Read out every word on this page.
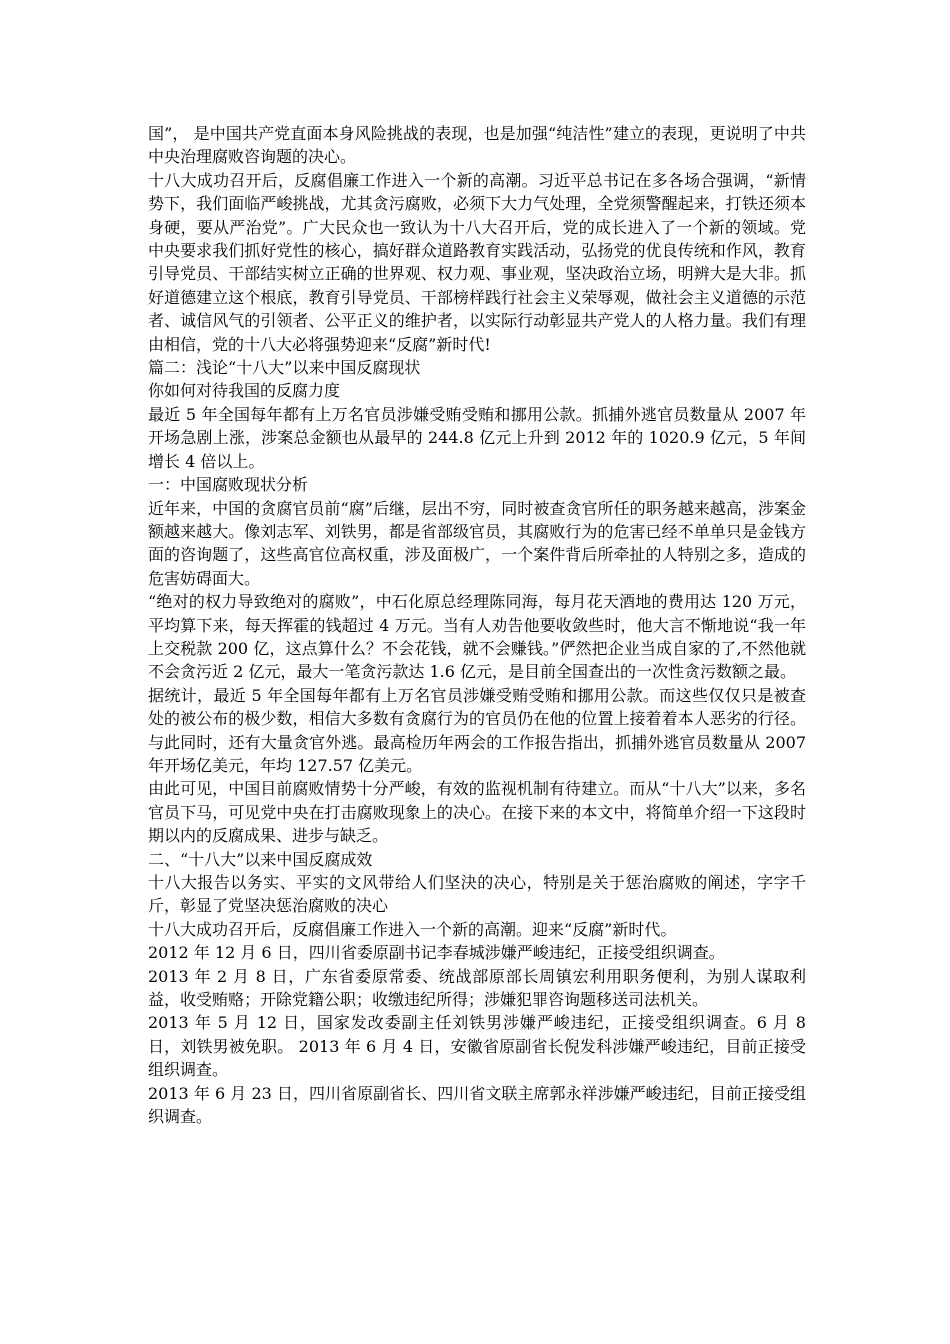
国”， 是中国共产党直面本身风险挑战的表现，也是加强“纯洁性”建立的表现，更说明了中共中央治理腐败咨询题的决心。

十八大成功召开后，反腐倡廉工作进入一个新的高潮。习近平总书记在多各场合强调，“新情势下，我们面临严峻挑战，尤其贪污腐败，必须下大力气处理，全党须警醒起来，打铁还须本身硬，要从严治党”。广大民众也一致认为十八大召开后，党的成长进入了一个新的领域。党中央要求我们抓好党性的核心，搞好群众道路教育实践活动，弘扬党的优良传统和作风，教育引导党员、干部结实树立正确的世界观、权力观、事业观，坚决政治立场，明辨大是大非。抓好道德建立这个根底，教育引导党员、干部榜样践行社会主义荣辱观，做社会主义道德的示范者、诚信风气的引领者、公平正义的维护者，以实际行动彰显共产党人的人格力量。我们有理由相信，党的十八大必将强势迎来“反腐”新时代!

篇二：浅论“十八大”以来中国反腐现状

你如何对待我国的反腐力度

最近 5 年全国每年都有上万名官员涉嫌受贿受贿和挪用公款。抓捕外逃官员数量从 2007 年开场急剧上涨，涉案总金额也从最早的 244.8 亿元上升到 2012 年的 1020.9 亿元，5 年间增长 4 倍以上。

一：中国腐败现状分析

近年来，中国的贪腐官员前“腐”后继，层出不穷，同时被查贪官所任的职务越来越高，涉案金额越来越大。像刘志军、刘铁男，都是省部级官员，其腐败行为的危害已经不单单只是金钱方面的咨询题了，这些高官位高权重，涉及面极广，一个案件背后所牵扯的人特别之多，造成的危害妨碍面大。

“绝对的权力导致绝对的腐败”，中石化原总经理陈同海，每月花天酒地的费用达 120 万元，平均算下来，每天挥霍的钱超过 4 万元。当有人劝告他要收敛些时，他大言不惭地说“我一年上交税款 200 亿，这点算什么？不会花钱，就不会赚钱。”俨然把企业当成自家的了,不然他就不会贪污近 2 亿元，最大一笔贪污款达 1.6 亿元，是目前全国查出的一次性贪污数额之最。

据统计，最近 5 年全国每年都有上万名官员涉嫌受贿受贿和挪用公款。而这些仅仅只是被查处的被公布的极少数，相信大多数有贪腐行为的官员仍在他的位置上接着着本人恶劣的行径。与此同时，还有大量贪官外逃。最高检历年两会的工作报告指出，抓捕外逃官员数量从 2007 年开场亿美元，年均 127.57 亿美元。

由此可见，中国目前腐败情势十分严峻，有效的监视机制有待建立。而从“十八大”以来，多名官员下马，可见党中央在打击腐败现象上的决心。在接下来的本文中，将简单介绍一下这段时期以内的反腐成果、进步与缺乏。

二、“十八大”以来中国反腐成效

十八大报告以务实、平实的文风带给人们坚決的决心，特别是关于惩治腐败的阐述，字字千斤，彰显了党坚决惩治腐败的决心

十八大成功召开后，反腐倡廉工作进入一个新的高潮。迎来“反腐”新时代。

2012 年 12 月 6 日，四川省委原副书记李春城涉嫌严峻违纪，正接受组织调查。

2013 年 2 月 8 日，广东省委原常委、统战部原部长周镇宏利用职务便利，为别人谋取利益，收受贿赂；开除党籍公职；收缴违纪所得；涉嫌犯罪咨询题移送司法机关。

2013 年 5 月 12 日，国家发改委副主任刘铁男涉嫌严峻违纪，正接受组织调查。6 月 8 日，刘铁男被免职。 2013 年 6 月 4 日，安徽省原副省长倪发科涉嫌严峻违纪，目前正接受组织调查。

2013 年 6 月 23 日，四川省原副省长、四川省文联主席郭永祥涉嫌严峻违纪，目前正接受组织调查。
